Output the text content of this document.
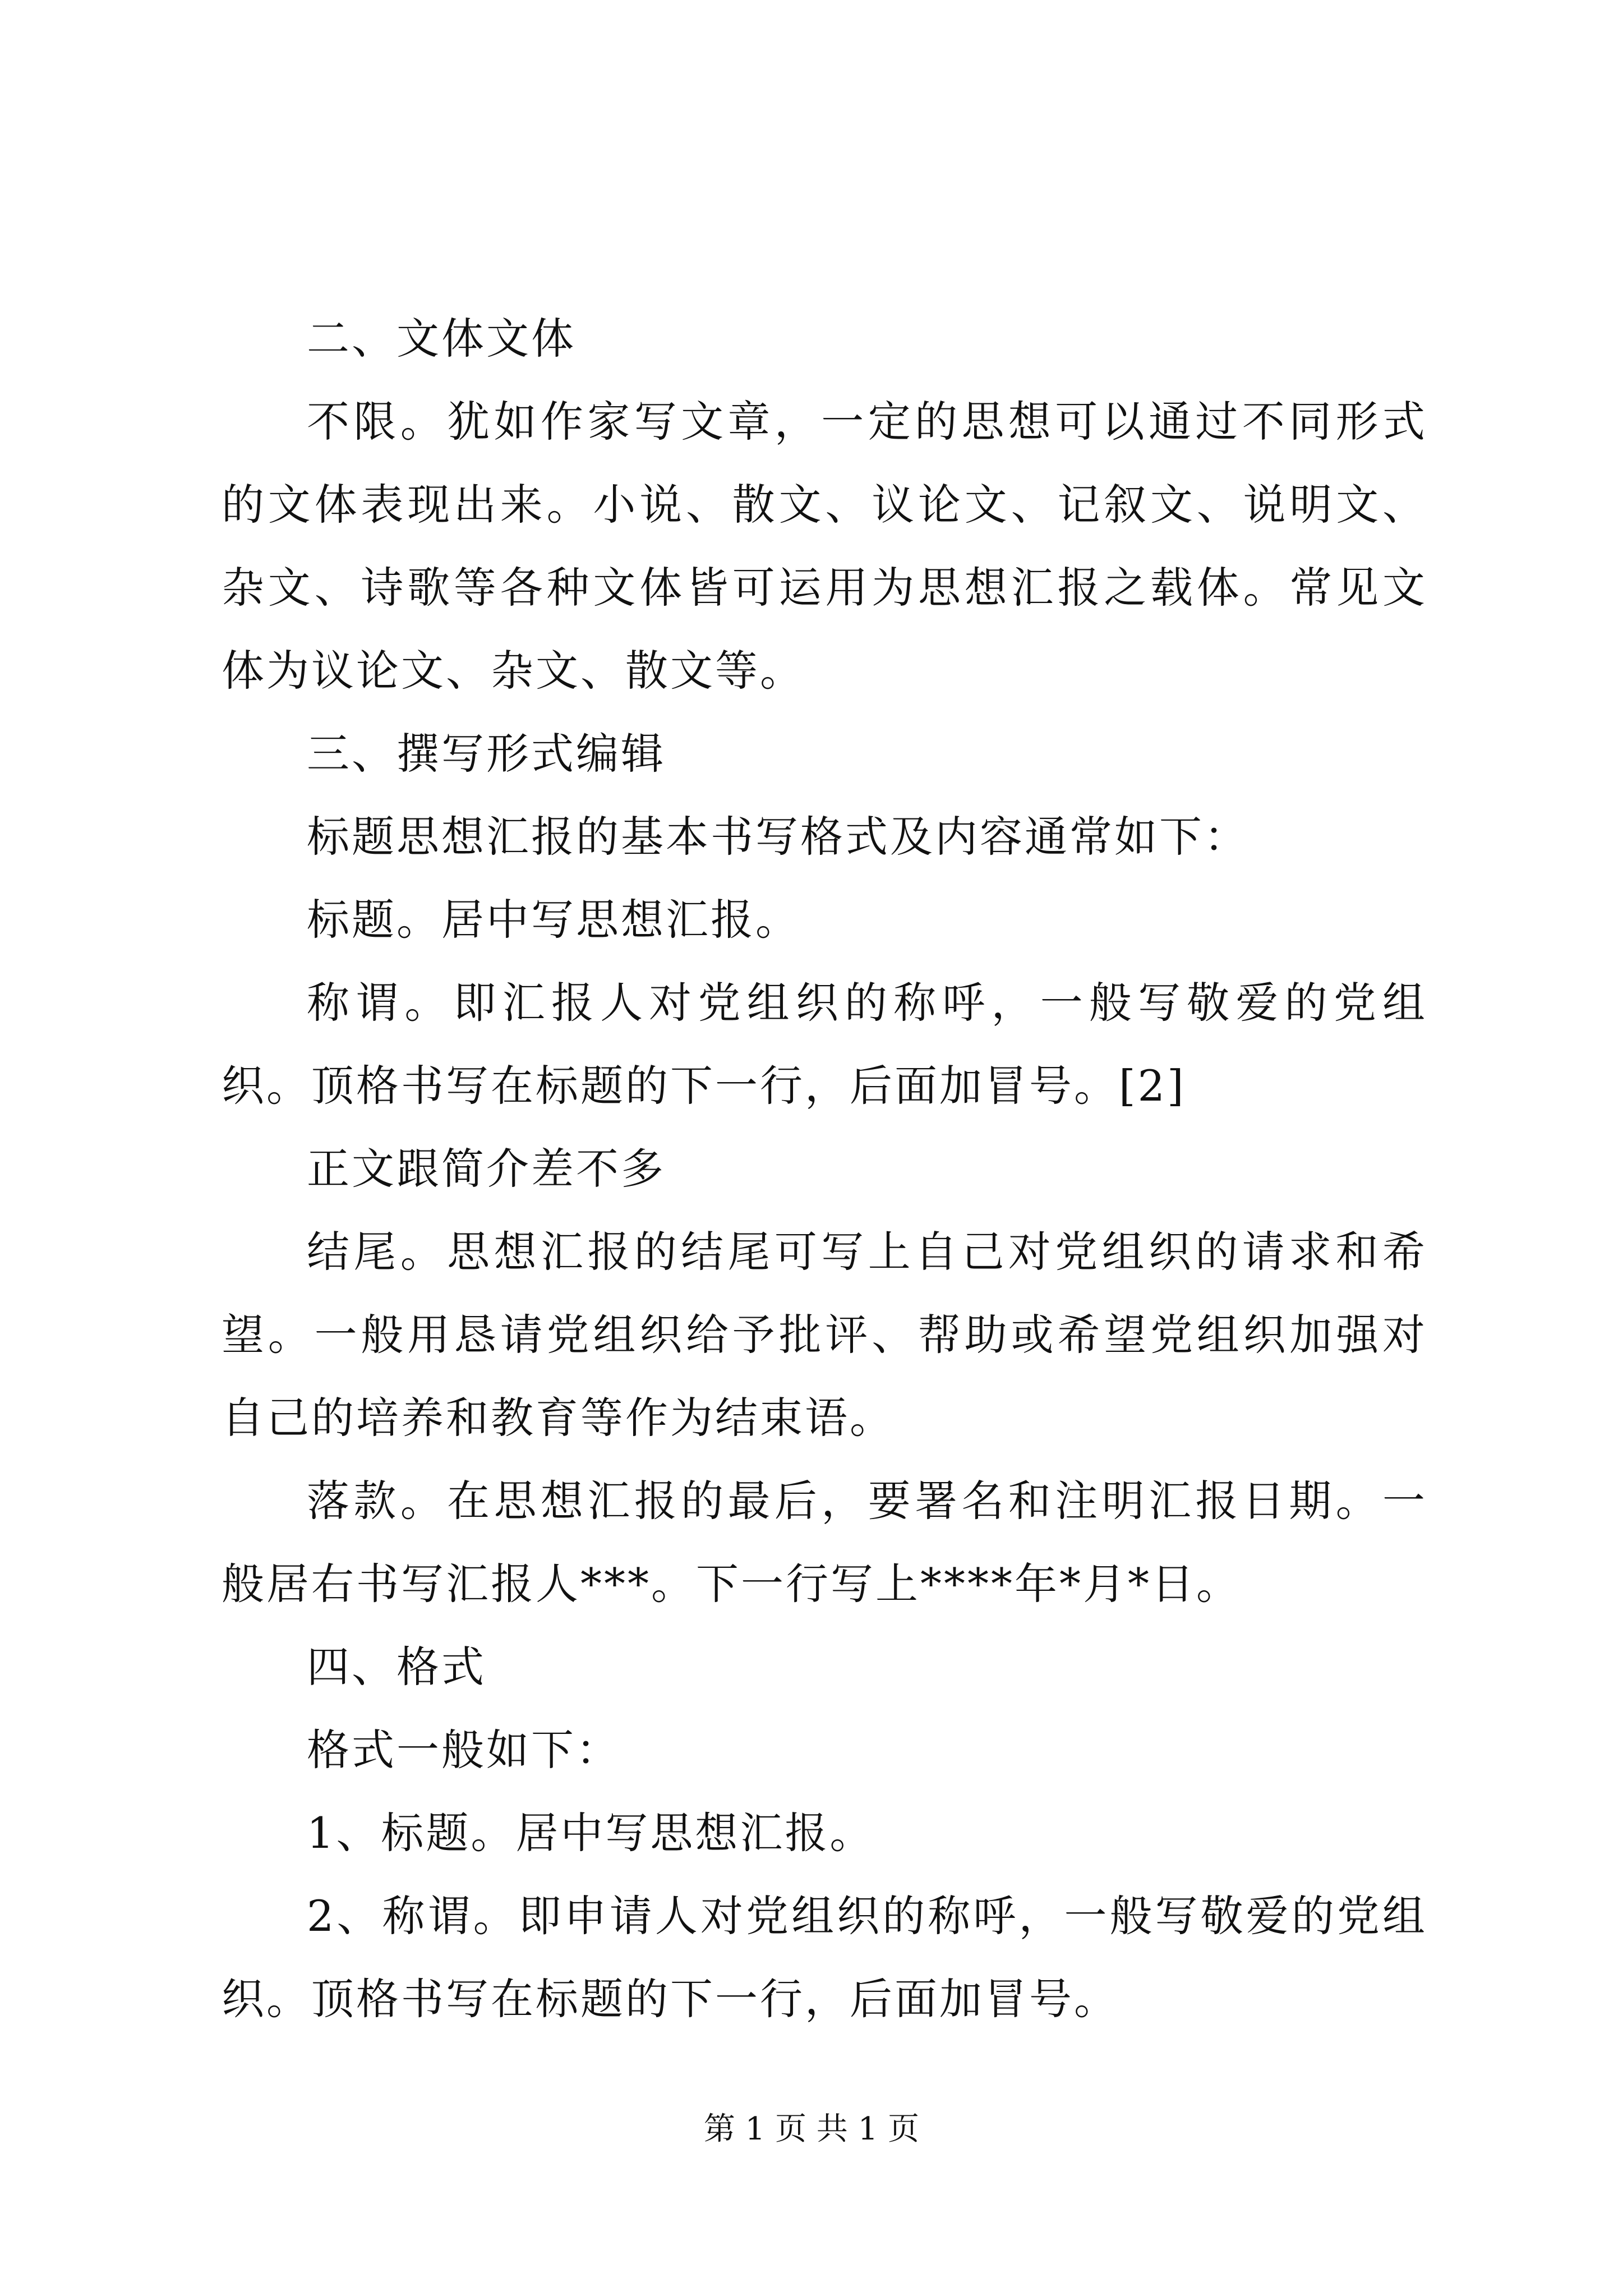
二、文体文体

不限。犹如作家写文章，一定的思想可以通过不同形式的文体表现出来。小说、散文、议论文、记叙文、说明文、杂文、诗歌等各种文体皆可运用为思想汇报之载体。常见文体为议论文、杂文、散文等。

三、撰写形式编辑

标题思想汇报的基本书写格式及内容通常如下：

标题。居中写思想汇报。

称谓。即汇报人对党组织的称呼，一般写敬爱的党组织。顶格书写在标题的下一行，后面加冒号。[2]

正文跟简介差不多

结尾。思想汇报的结尾可写上自己对党组织的请求和希望。一般用恳请党组织给予批评、帮助或希望党组织加强对自己的培养和教育等作为结束语。

落款。在思想汇报的最后，要署名和注明汇报日期。一般居右书写汇报人***。下一行写上****年*月*日。

四、格式

格式一般如下：

1、标题。居中写思想汇报。

2、称谓。即申请人对党组织的称呼，一般写敬爱的党组织。顶格书写在标题的下一行，后面加冒号。

第 1 页 共 1 页
